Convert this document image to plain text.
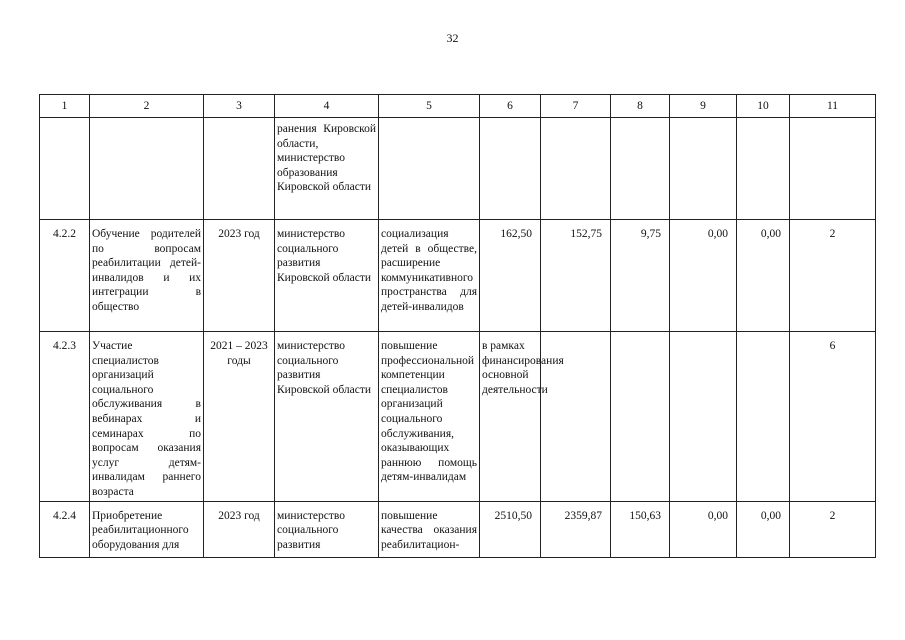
32
1	2	3	4	5	6	7	8	9	10	11
			ранения Кировской области, министерство образования Кировской области							
4.2.2	Обучение родителей по вопросам реабилитации детей-инвалидов и их интеграции в общество	2023 год	министерство социального развития Кировской области	социализация детей в обществе, расширение коммуникативного пространства для детей-инвалидов	162,50	152,75	9,75	0,00	0,00	2
4.2.3	Участие специалистов организаций социального обслуживания в вебинарах и семинарах по вопросам оказания услуг детям-инвалидам раннего возраста	2021 – 2023 годы	министерство социального развития Кировской области	повышение профессиональной компетенции специалистов организаций социального обслуживания, оказывающих раннюю помощь детям-инвалидам	в рамках финансирования основной деятельности					6
4.2.4	Приобретение реабилитационного оборудования для	2023 год	министерство социального развития	повышение качества оказания реабилитацион-	2510,50	2359,87	150,63	0,00	0,00	2
